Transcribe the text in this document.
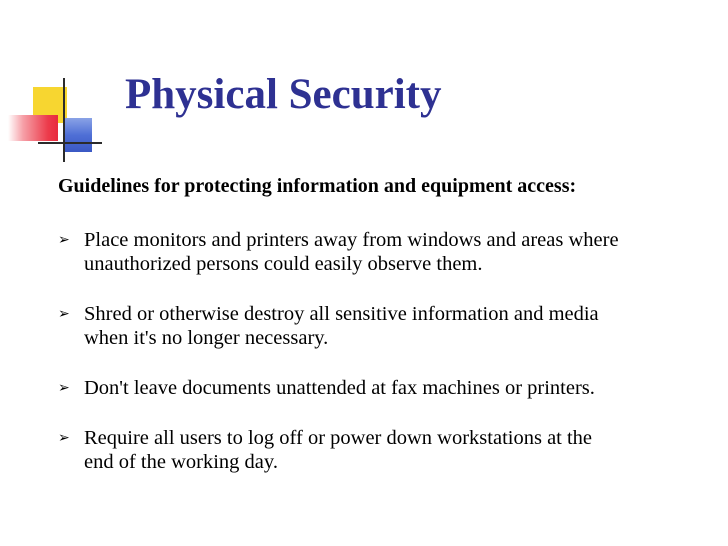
Physical Security
Guidelines for protecting information and equipment access:
➢ Place monitors and printers away from windows and areas where
unauthorized persons could easily observe them.
➢ Shred or otherwise destroy all sensitive information and media
when it's no longer necessary.
➢ Don't leave documents unattended at fax machines or printers.
➢ Require all users to log off or power down workstations at the
end of the working day.
